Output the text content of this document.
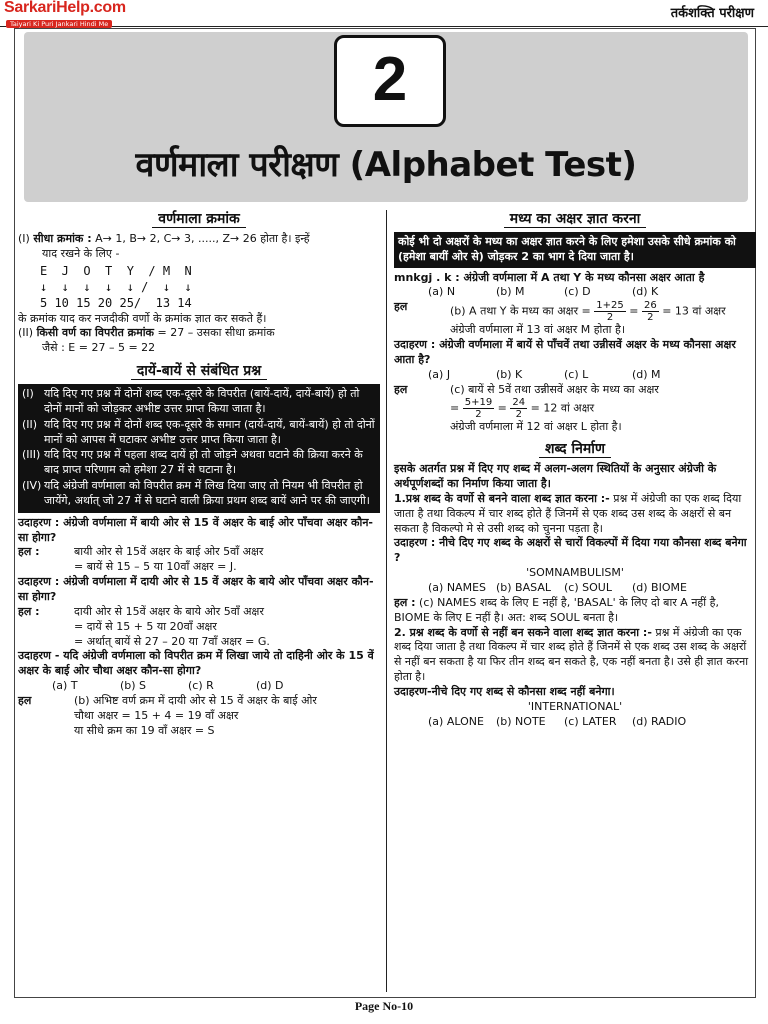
SarkariHelp.com
Taiyari Ki Puri Jankari Hindi Me
तर्कशक्ति परीक्षण
2
वर्णमाला परीक्षण (Alphabet Test)
वर्णमाला क्रमांक

(I) सीधा क्रमांक : A→ 1, B→ 2, C→ 3, ....., Z→ 26 होता है। इन्हें

याद रखने के लिए -

E  J  O  T  Y  / M  N
↓  ↓  ↓  ↓  ↓ /  ↓  ↓
5 10 15 20 25/  13 14

के क्रमांक याद कर नजदीकी वर्णो के क्रमांक ज्ञात कर सकते हैं।

(II) किसी वर्ण का विपरीत क्रमांक = 27 – उसका सीधा क्रमांक

जैसे : E = 27 – 5 = 22

दायें-बायें से संबंधित प्रश्न
(I) यदि दिए गए प्रश्न में दोनों शब्द एक-दूसरे के विपरीत (बायें-दायें, दायें-बायें) हो तो दोनों मानों को जोड़कर अभीष्ट उत्तर प्राप्त किया जाता है।
(II) यदि दिए गए प्रश्न में दोनों शब्द एक-दूसरे के समान (दायें-दायें, बायें-बायें) हो तो दोनों मानों को आपस में घटाकर अभीष्ट उत्तर प्राप्त किया जाता है।
(III) यदि दिए गए प्रश्न में पहला शब्द दायें हो तो जोड़ने अथवा घटाने की क्रिया करने के बाद प्राप्त परिणाम को हमेशा 27 में से घटाना है।
(IV) यदि अंग्रेजी वर्णमाला को विपरीत क्रम में लिख दिया जाए तो नियम भी विपरीत हो जायेंगे, अर्थात् जो 27 में से घटाने वाली क्रिया प्रथम शब्द बायें आने पर की जाएगी।

उदाहरण : अंग्रेजी वर्णमाला में बायी ओर से 15 वें अक्षर के बाई ओर पाँचवा अक्षर कौन-सा होगा?

हल :	बायी ओर से 15वें अक्षर के बाई ओर 5वाँ अक्षर

= बायें से 15 – 5 या 10वाँ अक्षर = J.

उदाहरण : अंग्रेजी वर्णमाला में दायी ओर से 15 वें अक्षर के बाये ओर पाँचवा अक्षर कौन-सा होगा?

हल :	दायी ओर से 15वें अक्षर के बाये ओर 5वाँ अक्षर

= दायें से 15 + 5 या 20वाँ अक्षर

= अर्थात् बायें से 27 – 20 या 7वाँ अक्षर = G.

उदाहरण - यदि अंग्रेजी वर्णमाला को विपरीत क्रम में लिखा जाये तो दाहिनी ओर के 15 वें अक्षर के बाई ओर चौथा अक्षर कौन-सा होगा?

(a) T	(b) S	(c) R	(d) D
हल	(b) अभिष्ट वर्ण क्रम में दायी ओर से 15 वें अक्षर के बाई ओर

चौथा अक्षर = 15 + 4 = 19 वाँ अक्षर

या सीधे क्रम का 19 वाँ अक्षर = S

मध्य का अक्षर ज्ञात करना
कोई भी दो अक्षरों के मध्य का अक्षर ज्ञात करने के लिए हमेशा उसके सीधे क्रमांक को (हमेशा बायीं ओर से) जोड़कर 2 का भाग दे दिया जाता है।

mnkgj . k : अंग्रेजी वर्णमाला में A तथा Y के मध्य कौनसा अक्षर आता है

(a) N	(b) M	(c) D	(d) K
हल	(b) A तथा Y के मध्य का अक्षर = $\frac{1+25}{2} = \frac{26}{2} = 13$ वां अक्षर

अंग्रेजी वर्णमाला में 13 वां अक्षर M होता है।

उदाहरण : अंग्रेजी वर्णमाला में बायें से पाँचवें तथा उन्नीसवें अक्षर के मध्य कौनसा अक्षर आता है?

(a) J	(b) K	(c) L	(d) M
हल	(c) बायें से 5वें तथा उन्नीसवें अक्षर के मध्य का अक्षर

= $\frac{5+19}{2} = \frac{24}{2} = 12$ वां अक्षर

अंग्रेजी वर्णमाला में 12 वां अक्षर L होता है।

शब्द निर्माण

इसके अतर्गत प्रश्न में दिए गए शब्द में अलग-अलग स्थितियों के अनुसार अंग्रेजी के अर्थपूर्णशब्दों का निर्माण किया जाता है।

1.प्रश्न शब्द के वर्णो से बनने वाला शब्द ज्ञात करना :- प्रश्न में अंग्रेजी का एक शब्द दिया जाता है तथा विकल्प में चार शब्द होते हैं जिनमें से एक शब्द उस शब्द के अक्षरों से बन सकता है विकल्पो मे से उसी शब्द को चुनना पड़ता है।

उदाहरण : नीचे दिए गए शब्द के अक्षरों से चारों विकल्पों में दिया गया कौनसा शब्द बनेगा ?

'SOMNAMBULISM'

(a) NAMES (b) BASAL	(c) SOUL	(d) BIOME

हल : (c) NAMES शब्द के लिए E नहीं है, 'BASAL' के लिए दो बार A नहीं है, BIOME के लिए E नहीं है। अत: शब्द SOUL बनता है।

2. प्रश्न शब्द के वर्णो से नहीं बन सकने वाला शब्द ज्ञात करना :- प्रश्न में अंग्रेजी का एक शब्द दिया जाता है तथा विकल्प में चार शब्द होते हैं जिनमें से एक शब्द उस शब्द के अक्षरों से नहीं बन सकता है या फिर तीन शब्द बन सकते है, एक नहीं बनता है। उसे ही ज्ञात करना होता है।

उदाहरण-नीचे दिए गए शब्द से कौनसा शब्द नहीं बनेगा।

'INTERNATIONAL'

(a) ALONE	(b) NOTE	(c) LATER	(d) RADIO
Page No-10
